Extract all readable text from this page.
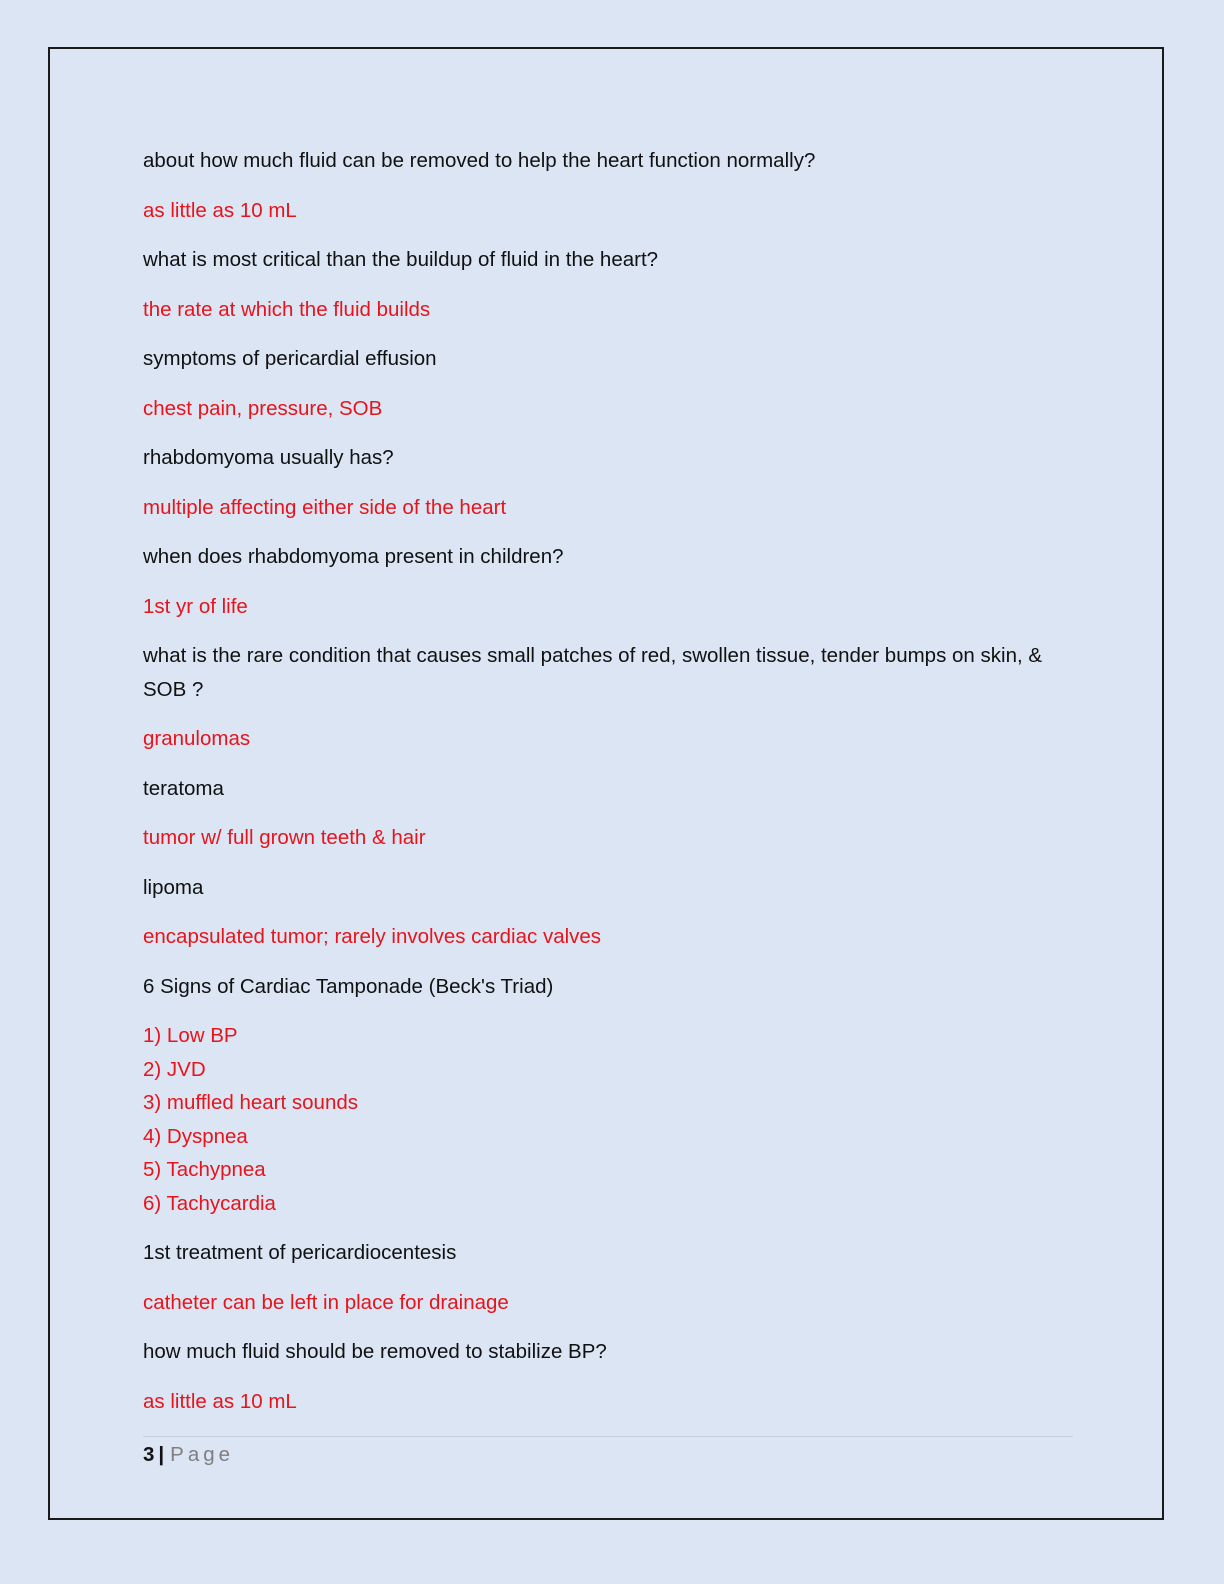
about how much fluid can be removed to help the heart function normally?

as little as 10 mL

what is most critical than the buildup of fluid in the heart?

the rate at which the fluid builds

symptoms of pericardial effusion

chest pain, pressure, SOB

rhabdomyoma usually has?

multiple affecting either side of the heart

when does rhabdomyoma present in children?

1st yr of life

what is the rare condition that causes small patches of red, swollen tissue, tender bumps on skin, & SOB ?

granulomas

teratoma

tumor w/ full grown teeth & hair

lipoma

encapsulated tumor; rarely involves cardiac valves

6 Signs of Cardiac Tamponade (Beck's Triad)

1) Low BP
2) JVD
3) muffled heart sounds
4) Dyspnea
5) Tachypnea
6) Tachycardia

1st treatment of pericardiocentesis

catheter can be left in place for drainage

how much fluid should be removed to stabilize BP?

as little as 10 mL

3 | Page
